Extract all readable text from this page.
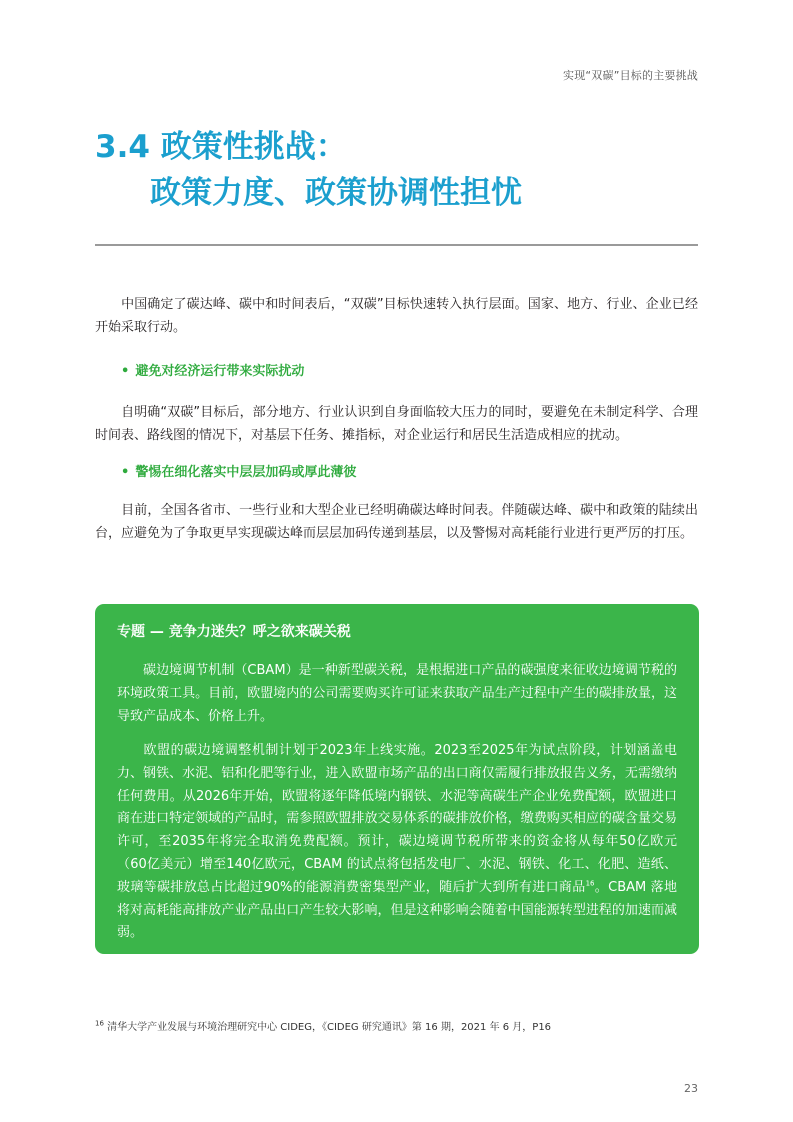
实现“双碳”目标的主要挑战
3.4 政策性挑战：
政策力度、政策协调性担忧
中国确定了碳达峰、碳中和时间表后，“双碳”目标快速转入执行层面。国家、地方、行业、企业已经开始采取行动。
• 避免对经济运行带来实际扰动
自明确“双碳”目标后，部分地方、行业认识到自身面临较大压力的同时，要避免在未制定科学、合理时间表、路线图的情况下，对基层下任务、摊指标，对企业运行和居民生活造成相应的扰动。
• 警惕在细化落实中层层加码或厚此薄彼
目前，全国各省市、一些行业和大型企业已经明确碳达峰时间表。伴随碳达峰、碳中和政策的陆续出台，应避免为了争取更早实现碳达峰而层层加码传递到基层，以及警惕对高耗能行业进行更严厉的打压。
专题 — 竞争力迷失？呼之欲来碳关税
碳边境调节机制（CBAM）是一种新型碳关税，是根据进口产品的碳强度来征收边境调节税的环境政策工具。目前，欧盟境内的公司需要购买许可证来获取产品生产过程中产生的碳排放量，这导致产品成本、价格上升。
欧盟的碳边境调整机制计划于2023年上线实施。2023至2025年为试点阶段，计划涵盖电力、钢铁、水泥、铝和化肥等行业，进入欧盟市场产品的出口商仅需履行排放报告义务，无需缴纳任何费用。从2026年开始，欧盟将逐年降低境内钢铁、水泥等高碳生产企业免费配额，欧盟进口商在进口特定领域的产品时，需参照欧盟排放交易体系的碳排放价格，缴费购买相应的碳含量交易许可，至2035年将完全取消免费配额。预计，碳边境调节税所带来的资金将从每年50亿欧元（60亿美元）增至140亿欧元，CBAM 的试点将包括发电厂、水泥、钢铁、化工、化肥、造纸、玻璃等碳排放总占比超过90%的能源消费密集型产业，随后扩大到所有进口商品$^{16}$。CBAM 落地将对高耗能高排放产业产品出口产生较大影响，但是这种影响会随着中国能源转型进程的加速而减弱。
$^{16}$ 清华大学产业发展与环境治理研究中心 CIDEG，《CIDEG 研究通讯》第 16 期，2021 年 6 月，P16
23
